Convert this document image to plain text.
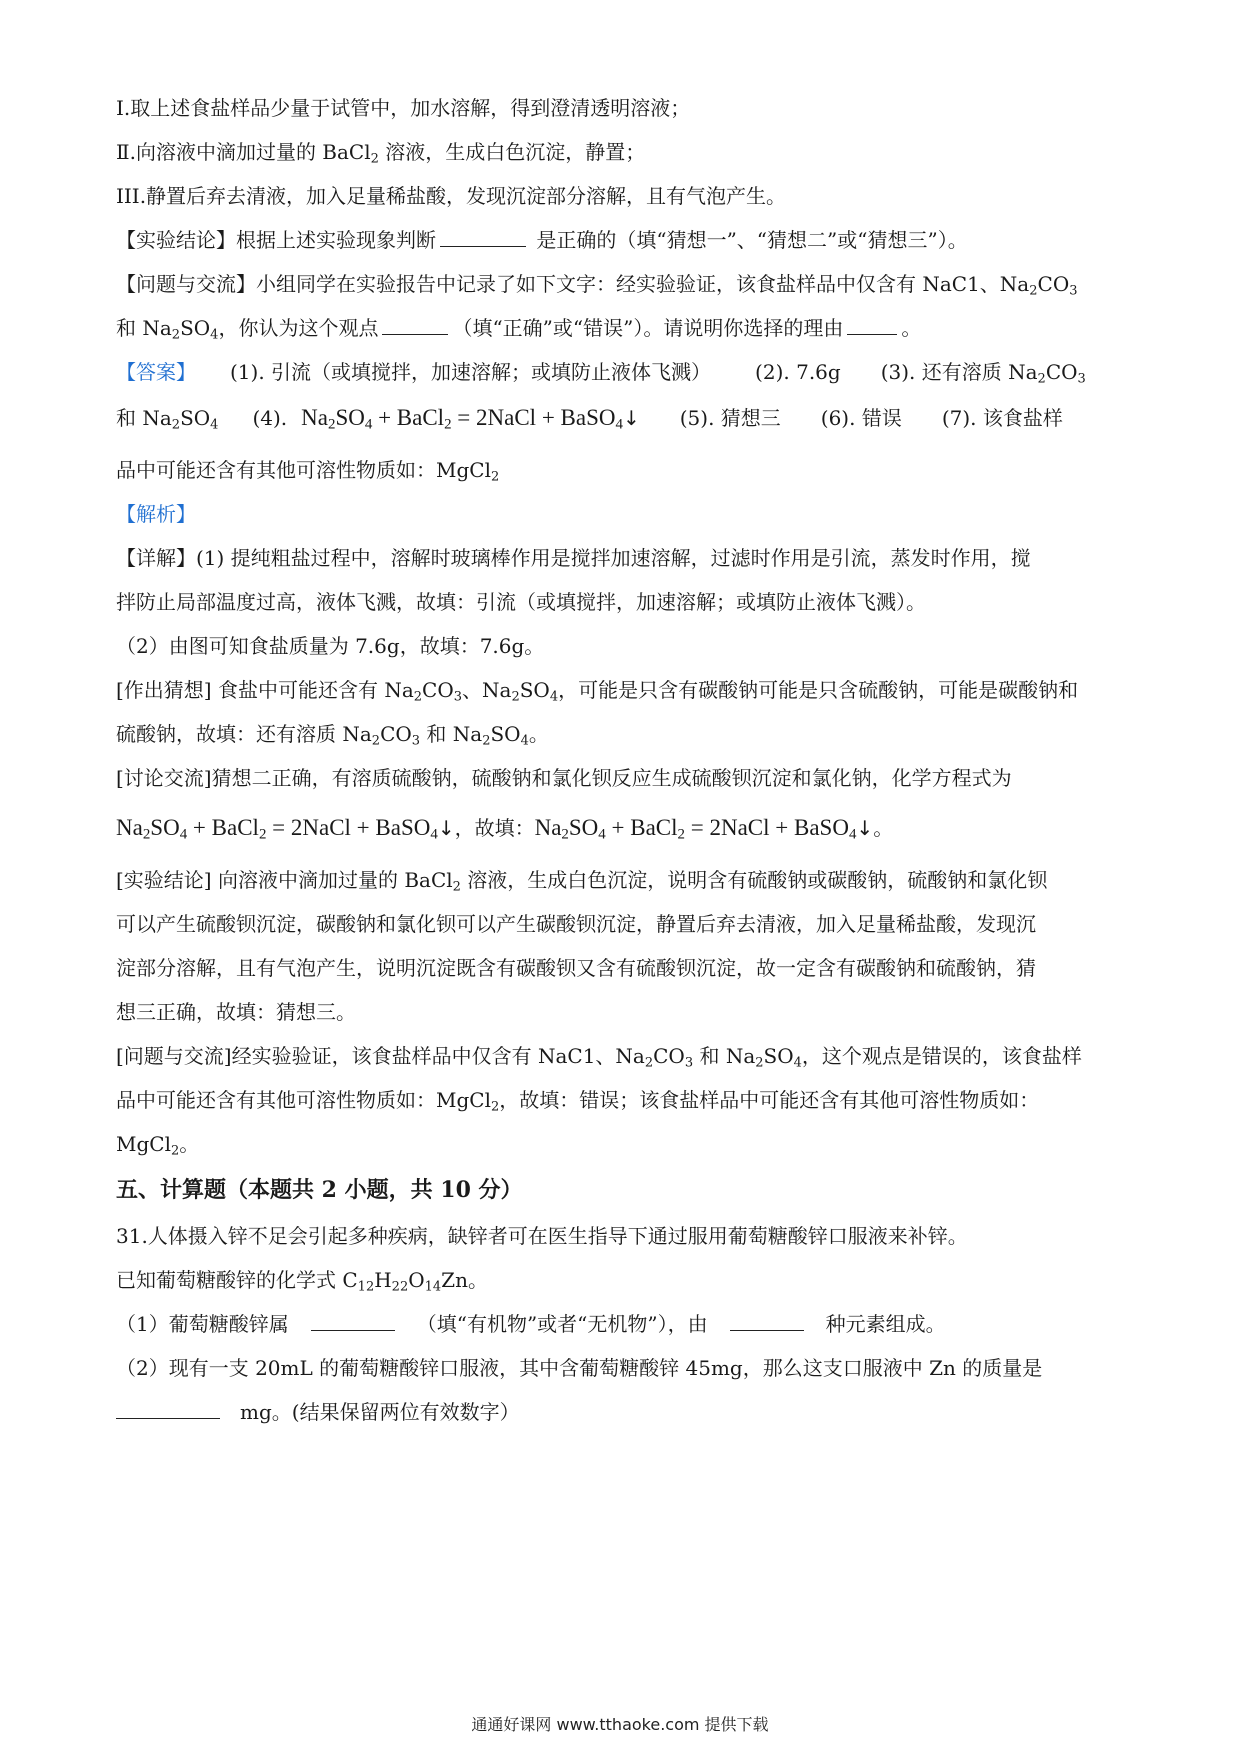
Ⅰ.取上述食盐样品少量于试管中，加水溶解，得到澄清透明溶液；
Ⅱ.向溶液中滴加过量的 BaCl$_2$ 溶液，生成白色沉淀，静置；
III.静置后弃去清液，加入足量稀盐酸，发现沉淀部分溶解，且有气泡产生。
【实验结论】根据上述实验现象判断	是正确的（填“猜想一”、“猜想二”或“猜想三”）。
【问题与交流】小组同学在实验报告中记录了如下文字：经实验验证，该食盐样品中仅含有 NaC1、$Na_2CO_3$
和 $Na_2SO_4$，你认为这个观点	（填“正确”或“错误”）。请说明你选择的理由	。
【答案】 (1). 引流（或填搅拌，加速溶解；或填防止液体飞溅） (2). 7.6g (3). 还有溶质 $Na_2CO_3$
和 $Na_2SO_4$ (4). $Na_2SO_4$ + BaCl$_2$ = 2NaCl + BaSO$_4$↓ (5). 猜想三 (6). 错误 (7). 该食盐样
品中可能还含有其他可溶性物质如：MgCl$_2$
【解析】
【详解】(1) 提纯粗盐过程中，溶解时玻璃棒作用是搅拌加速溶解，过滤时作用是引流，蒸发时作用，搅
拌防止局部温度过高，液体飞溅，故填：引流（或填搅拌，加速溶解；或填防止液体飞溅）。
（2）由图可知食盐质量为 7.6g，故填：7.6g。
[作出猜想] 食盐中可能还含有 $Na_2CO_3$、$Na_2SO_4$，可能是只含有碳酸钠可能是只含硫酸钠，可能是碳酸钠和
硫酸钠，故填：还有溶质 $Na_2CO_3$ 和 $Na_2SO_4$。
[讨论交流]猜想二正确，有溶质硫酸钠，硫酸钠和氯化钡反应生成硫酸钡沉淀和氯化钠，化学方程式为
$Na_2SO_4$ + BaCl$_2$ = 2NaCl + BaSO$_4$↓，故填：$Na_2SO_4$ + BaCl$_2$ = 2NaCl + BaSO$_4$↓。
[实验结论] 向溶液中滴加过量的 BaCl$_2$ 溶液，生成白色沉淀，说明含有硫酸钠或碳酸钠，硫酸钠和氯化钡
可以产生硫酸钡沉淀，碳酸钠和氯化钡可以产生碳酸钡沉淀，静置后弃去清液，加入足量稀盐酸，发现沉
淀部分溶解，且有气泡产生，说明沉淀既含有碳酸钡又含有硫酸钡沉淀，故一定含有碳酸钠和硫酸钠，猜
想三正确，故填：猜想三。
[问题与交流]经实验验证，该食盐样品中仅含有 NaC1、$Na_2CO_3$ 和 $Na_2SO_4$，这个观点是错误的，该食盐样
品中可能还含有其他可溶性物质如：MgCl$_2$，故填：错误；该食盐样品中可能还含有其他可溶性物质如：
MgCl$_2$。
五、计算题（本题共 2 小题，共 10 分）
31.人体摄入锌不足会引起多种疾病，缺锌者可在医生指导下通过服用葡萄糖酸锌口服液来补锌。
已知葡萄糖酸锌的化学式 $C_{12}H_{22}O_{14}Zn$。
（1）葡萄糖酸锌属	（填“有机物”或者“无机物”），由	种元素组成。
（2）现有一支 20mL 的葡萄糖酸锌口服液，其中含葡萄糖酸锌 45mg，那么这支口服液中 Zn 的质量是
mg。(结果保留两位有效数字）
通通好课网 www.tthaoke.com 提供下载
